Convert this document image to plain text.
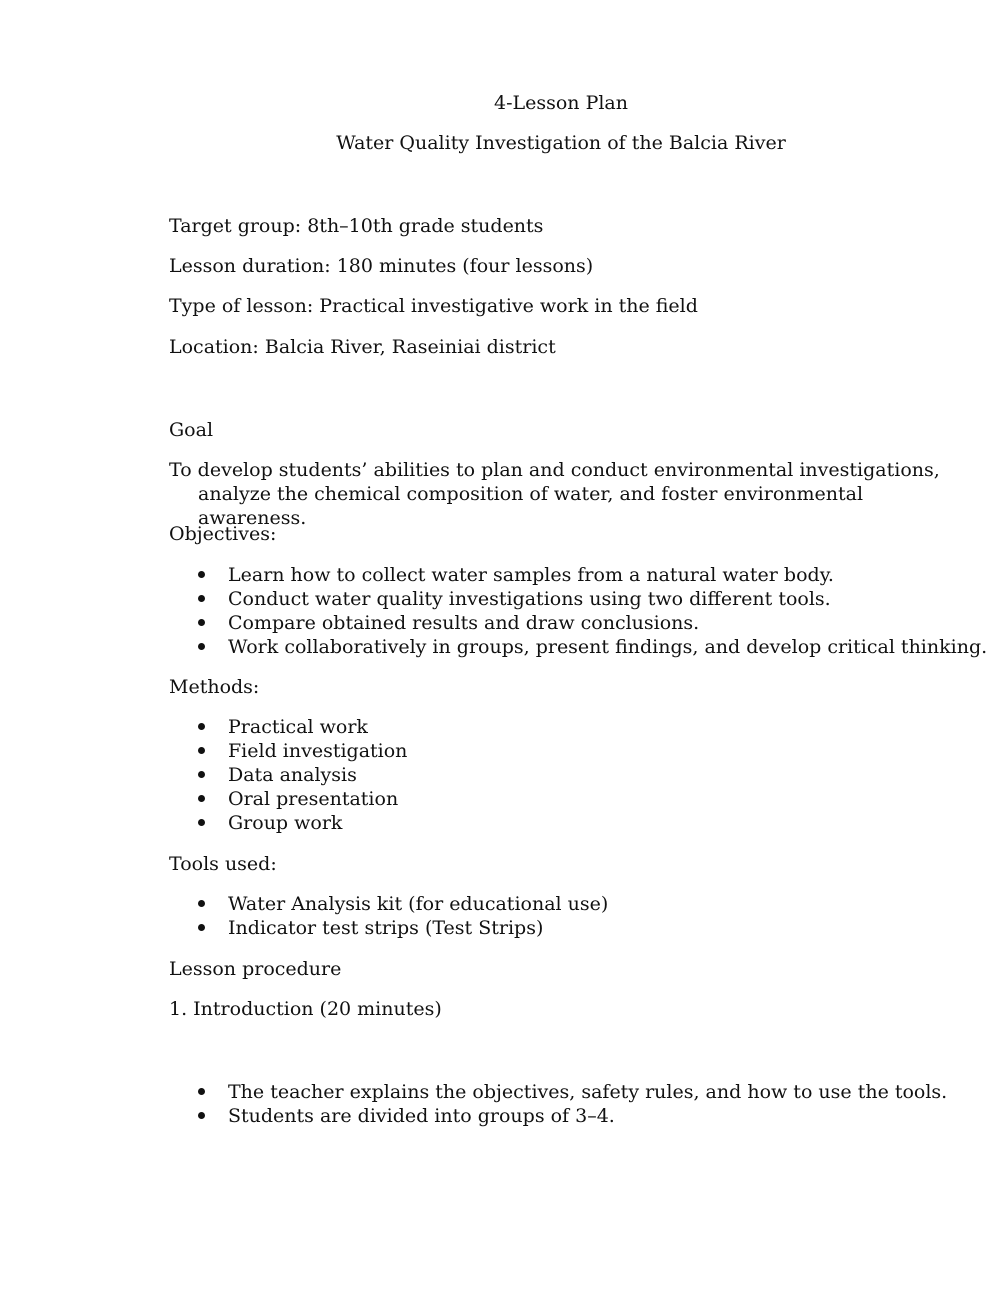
4-Lesson Plan
Water Quality Investigation of the Balcia River
Target group: 8th–10th grade students
Lesson duration: 180 minutes (four lessons)
Type of lesson: Practical investigative work in the field
Location: Balcia River, Raseiniai district
Goal
To develop students’ abilities to plan and conduct environmental investigations,
analyze the chemical composition of water, and foster environmental awareness.
Objectives:
Learn how to collect water samples from a natural water body.
Conduct water quality investigations using two different tools.
Compare obtained results and draw conclusions.
Work collaboratively in groups, present findings, and develop critical thinking.
Methods:
Practical work
Field investigation
Data analysis
Oral presentation
Group work
Tools used:
Water Analysis kit (for educational use)
Indicator test strips (Test Strips)
Lesson procedure
1. Introduction (20 minutes)
The teacher explains the objectives, safety rules, and how to use the tools.
Students are divided into groups of 3–4.
